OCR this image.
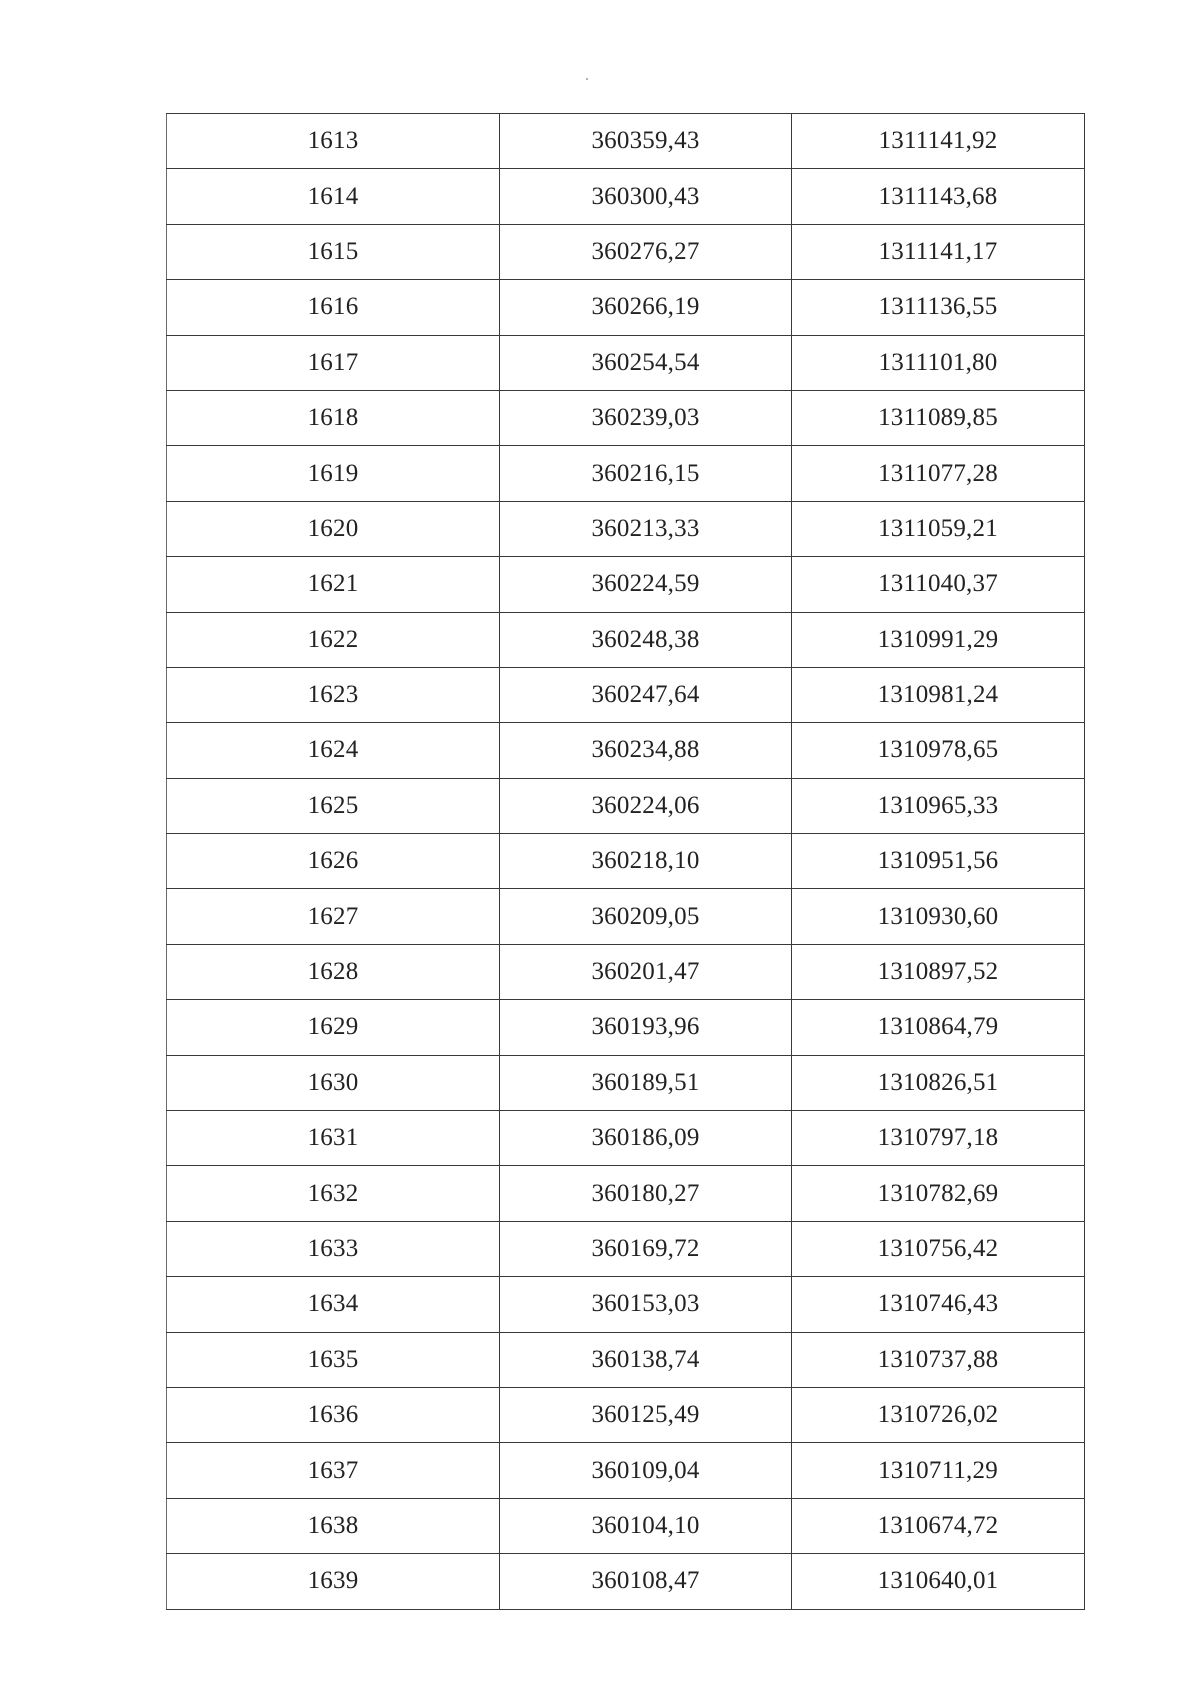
1613	360359,43	1311141,92
1614	360300,43	1311143,68
1615	360276,27	1311141,17
1616	360266,19	1311136,55
1617	360254,54	1311101,80
1618	360239,03	1311089,85
1619	360216,15	1311077,28
1620	360213,33	1311059,21
1621	360224,59	1311040,37
1622	360248,38	1310991,29
1623	360247,64	1310981,24
1624	360234,88	1310978,65
1625	360224,06	1310965,33
1626	360218,10	1310951,56
1627	360209,05	1310930,60
1628	360201,47	1310897,52
1629	360193,96	1310864,79
1630	360189,51	1310826,51
1631	360186,09	1310797,18
1632	360180,27	1310782,69
1633	360169,72	1310756,42
1634	360153,03	1310746,43
1635	360138,74	1310737,88
1636	360125,49	1310726,02
1637	360109,04	1310711,29
1638	360104,10	1310674,72
1639	360108,47	1310640,01
